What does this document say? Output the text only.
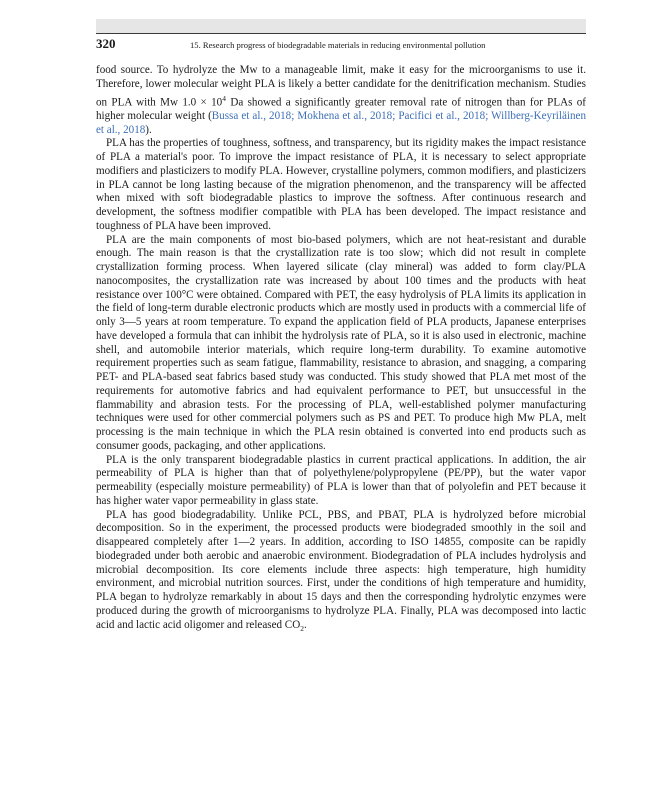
320	15. Research progress of biodegradable materials in reducing environmental pollution

food source. To hydrolyze the Mw to a manageable limit, make it easy for the microorganisms to use it. Therefore, lower molecular weight PLA is likely a better candidate for the denitrification mechanism. Studies on PLA with Mw $1.0 \times 10^4$ Da showed a significantly greater removal rate of nitrogen than for PLAs of higher molecular weight (Bussa et al., 2018; Mokhena et al., 2018; Pacifici et al., 2018; Willberg-Keyriläinen et al., 2018).

PLA has the properties of toughness, softness, and transparency, but its rigidity makes the impact resistance of PLA a material's poor. To improve the impact resistance of PLA, it is necessary to select appropriate modifiers and plasticizers to modify PLA. However, crystalline polymers, common modifiers, and plasticizers in PLA cannot be long lasting because of the migration phenomenon, and the transparency will be affected when mixed with soft biodegradable plastics to improve the softness. After continuous research and development, the softness modifier compatible with PLA has been developed. The impact resistance and toughness of PLA have been improved.

PLA are the main components of most bio-based polymers, which are not heat-resistant and durable enough. The main reason is that the crystallization rate is too slow; which did not result in complete crystallization forming process. When layered silicate (clay mineral) was added to form clay/PLA nanocomposites, the crystallization rate was increased by about 100 times and the products with heat resistance over 100°C were obtained. Compared with PET, the easy hydrolysis of PLA limits its application in the field of long-term durable electronic products which are mostly used in products with a commercial life of only 3—5 years at room temperature. To expand the application field of PLA products, Japanese enterprises have developed a formula that can inhibit the hydrolysis rate of PLA, so it is also used in electronic, machine shell, and automobile interior materials, which require long-term durability. To examine automotive requirement properties such as seam fatigue, flammability, resistance to abrasion, and snagging, a comparing PET- and PLA-based seat fabrics based study was conducted. This study showed that PLA met most of the requirements for automotive fabrics and had equivalent performance to PET, but unsuccessful in the flammability and abrasion tests. For the processing of PLA, well-established polymer manufacturing techniques were used for other commercial polymers such as PS and PET. To produce high Mw PLA, melt processing is the main technique in which the PLA resin obtained is converted into end products such as consumer goods, packaging, and other applications.

PLA is the only transparent biodegradable plastics in current practical applications. In addition, the air permeability of PLA is higher than that of polyethylene/polypropylene (PE/PP), but the water vapor permeability (especially moisture permeability) of PLA is lower than that of polyolefin and PET because it has higher water vapor permeability in glass state.

PLA has good biodegradability. Unlike PCL, PBS, and PBAT, PLA is hydrolyzed before microbial decomposition. So in the experiment, the processed products were biodegraded smoothly in the soil and disappeared completely after 1—2 years. In addition, according to ISO 14855, composite can be rapidly biodegraded under both aerobic and anaerobic environment. Biodegradation of PLA includes hydrolysis and microbial decomposition. Its core elements include three aspects: high temperature, high humidity environment, and microbial nutrition sources. First, under the conditions of high temperature and humidity, PLA began to hydrolyze remarkably in about 15 days and then the corresponding hydrolytic enzymes were produced during the growth of microorganisms to hydrolyze PLA. Finally, PLA was decomposed into lactic acid and lactic acid oligomer and released $CO_2$.
